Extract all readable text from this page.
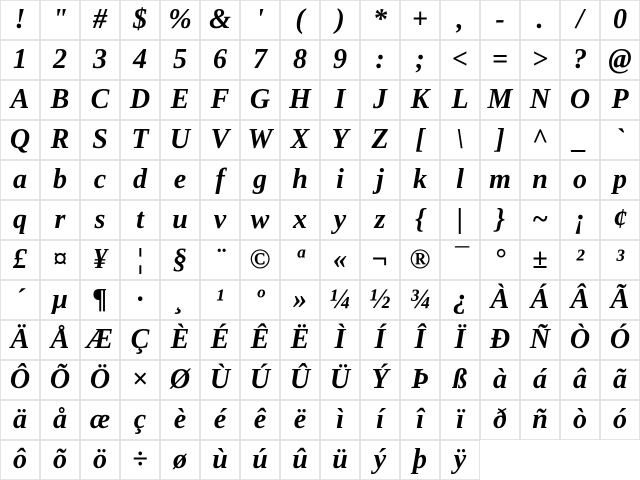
! " # $ % & '	(	)	* +	,	-	.	/	0
1 2 3 4 5 6 7 8 9	:	; < = > ? @
A B C D E F G H I J K L M N O P
Q R S T U V W X Y Z [	\	] ^ _	`
a b c d e	f	g h	i	j	k	l m n o p
q r	s	t	u v w x y	z	{	|	} ~ ¡ ¢
£ ¤ ¥	¦	§	¨ © ª	« ¬ ® ¯ ° ±	²	³
´ µ ¶	·	¸	¹	º	» ¼ ½ ¾ ¿ À Á Â Ã
Ä Å Æ Ç È É Ê Ë Ì	Í	Î	Ï Ð Ñ Ò Ó
Ô Õ Ö × Ø Ù Ú Û Ü Ý Þ ß à á â ã
ä å æ ç è é ê ë	ì	í	î	ï	ð ñ ò ó
ô õ ö ÷ ø ù ú û ü ý þ ÿ
